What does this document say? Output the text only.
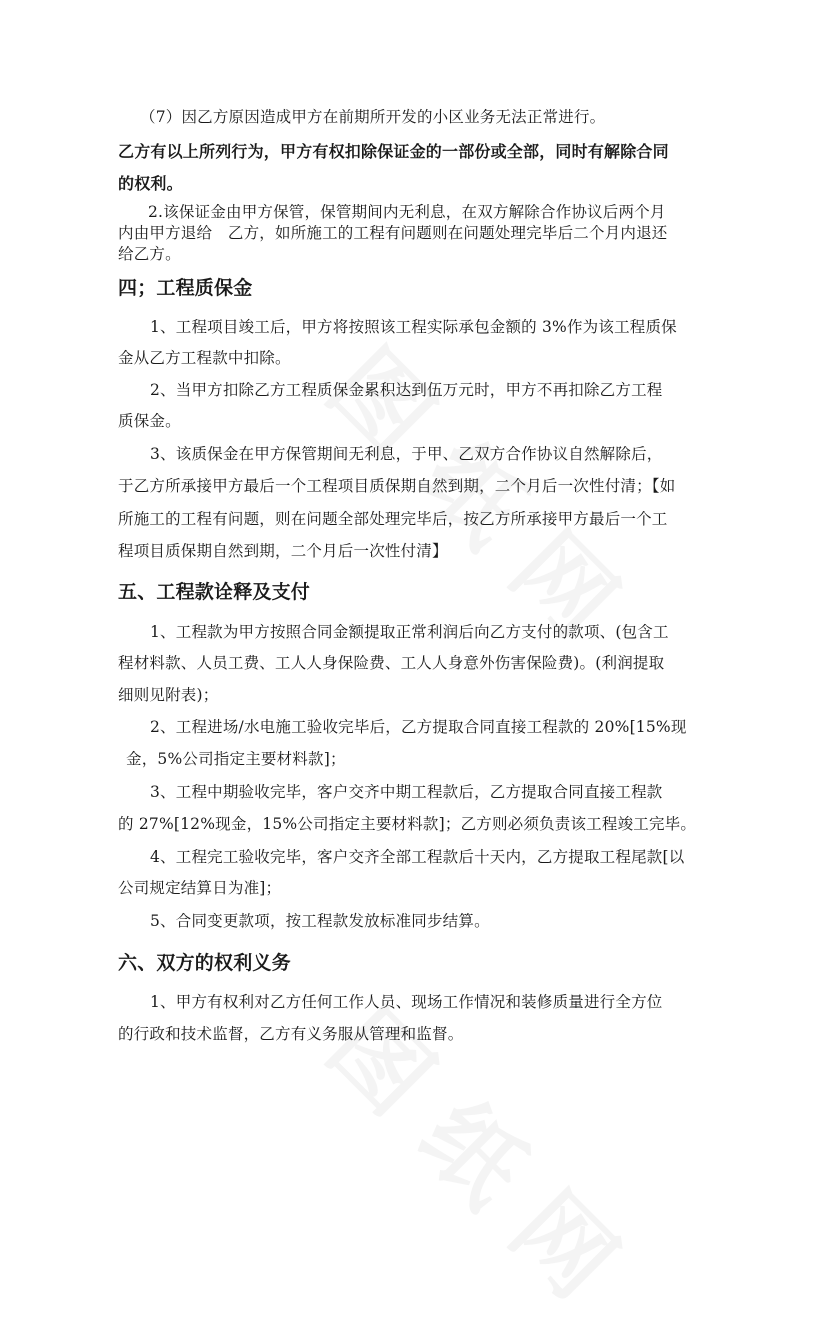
（7）因乙方原因造成甲方在前期所开发的小区业务无法正常进行。
乙方有以上所列行为，甲方有权扣除保证金的一部份或全部，同时有解除合同
的权利。
2.该保证金由甲方保管，保管期间内无利息，在双方解除合作协议后两个月
内由甲方退给　乙方，如所施工的工程有问题则在问题处理完毕后二个月内退还
给乙方。
四；工程质保金
1、工程项目竣工后，甲方将按照该工程实际承包金额的 3%作为该工程质保
金从乙方工程款中扣除。
2、当甲方扣除乙方工程质保金累积达到伍万元时，甲方不再扣除乙方工程
质保金。
3、该质保金在甲方保管期间无利息，于甲、乙双方合作协议自然解除后，
于乙方所承接甲方最后一个工程项目质保期自然到期，二个月后一次性付清；【如
所施工的工程有问题，则在问题全部处理完毕后，按乙方所承接甲方最后一个工
程项目质保期自然到期，二个月后一次性付清】
五、工程款诠释及支付
1、工程款为甲方按照合同金额提取正常利润后向乙方支付的款项、(包含工
程材料款、人员工费、工人人身保险费、工人人身意外伤害保险费)。(利润提取
细则见附表)；
2、工程进场/水电施工验收完毕后，乙方提取合同直接工程款的 20%[15%现
金，5%公司指定主要材料款]；
3、工程中期验收完毕，客户交齐中期工程款后，乙方提取合同直接工程款
的 27%[12%现金，15%公司指定主要材料款]；乙方则必须负责该工程竣工完毕。
4、工程完工验收完毕，客户交齐全部工程款后十天内，乙方提取工程尾款[以
公司规定结算日为准]；
5、合同变更款项，按工程款发放标准同步结算。
六、双方的权利义务
1、甲方有权利对乙方任何工作人员、现场工作情况和装修质量进行全方位
的行政和技术监督，乙方有义务服从管理和监督。
